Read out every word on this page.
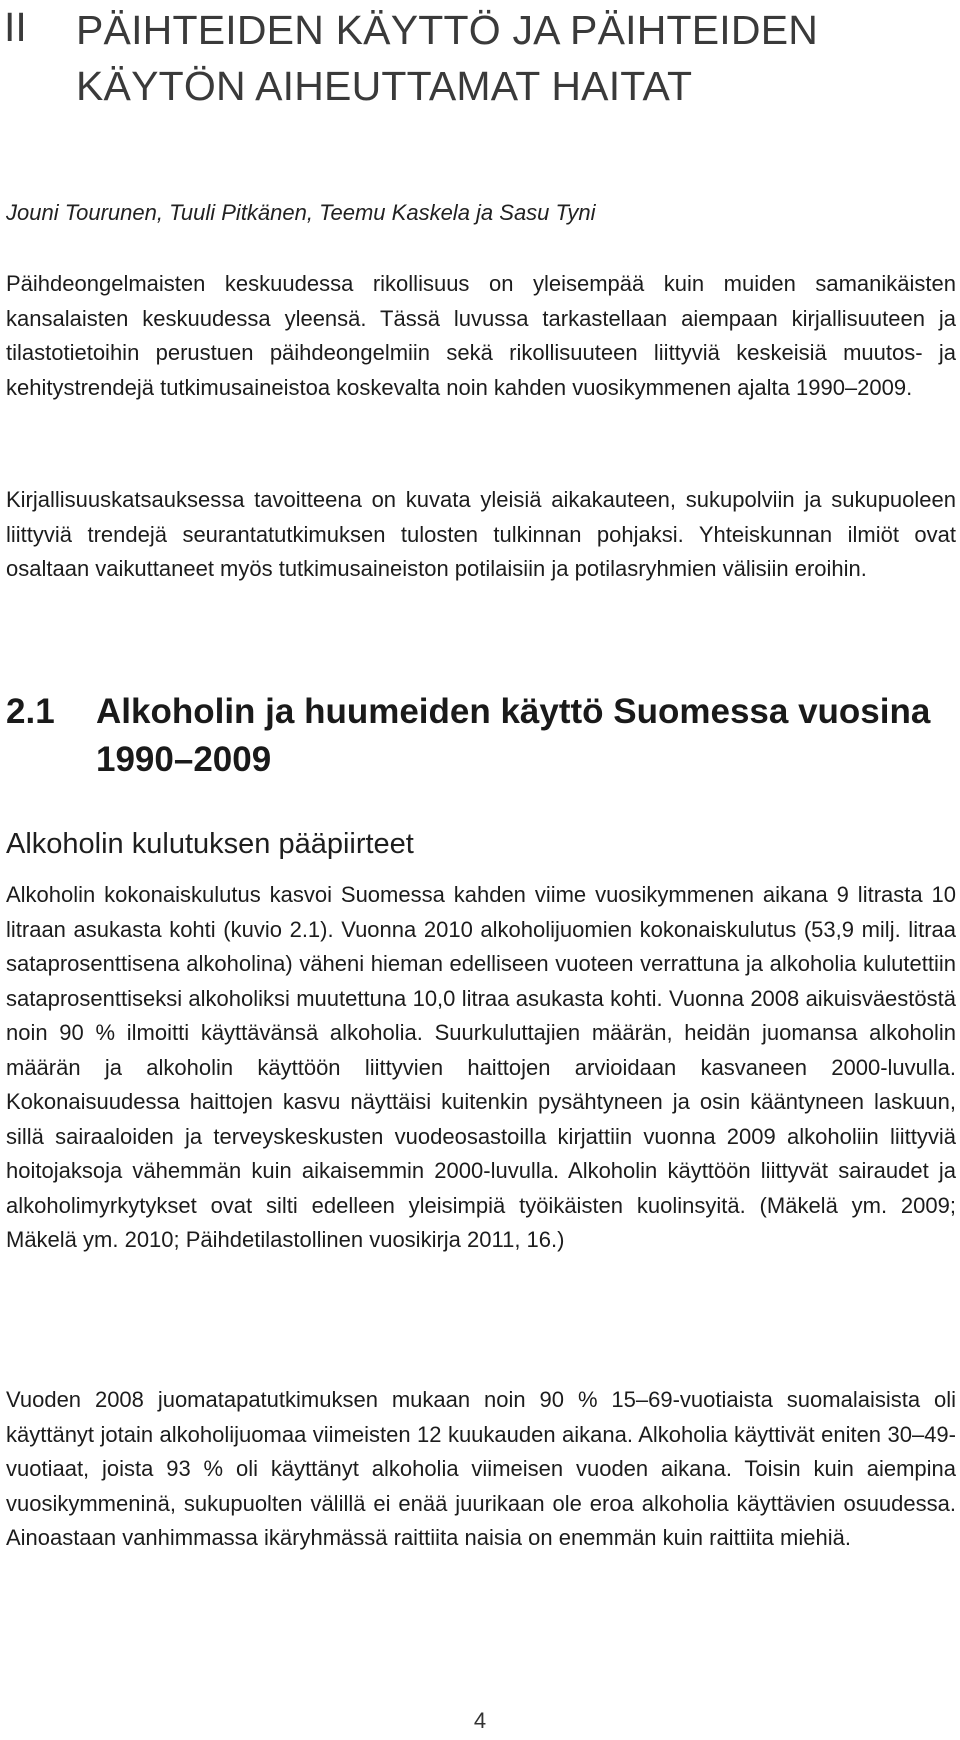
II PÄIHTEIDEN KÄYTTÖ JA PÄIHTEIDEN KÄYTÖN AIHEUTTAMAT HAITAT

Jouni Tourunen, Tuuli Pitkänen, Teemu Kaskela ja Sasu Tyni

Päihdeongelmaisten keskuudessa rikollisuus on yleisempää kuin muiden samanikäisten kansalaisten keskuudessa yleensä. Tässä luvussa tarkastellaan aiempaan kirjallisuuteen ja tilastotietoihin perustuen päihdeongelmiin sekä rikollisuuteen liittyviä keskeisiä muutos- ja kehitystrendejä tutkimusaineistoa koskevalta noin kahden vuosikymmenen ajalta 1990–2009.

Kirjallisuuskatsauksessa tavoitteena on kuvata yleisiä aikakauteen, sukupolviin ja sukupuoleen liittyviä trendejä seurantatutkimuksen tulosten tulkinnan pohjaksi. Yhteiskunnan ilmiöt ovat osaltaan vaikuttaneet myös tutkimusaineiston potilaisiin ja potilasryhmien välisiin eroihin.

2.1	Alkoholin ja huumeiden käyttö Suomessa vuosina 1990–2009
Alkoholin kulutuksen pääpiirteet

Alkoholin kokonaiskulutus kasvoi Suomessa kahden viime vuosikymmenen aikana 9 litrasta 10 litraan asukasta kohti (kuvio 2.1). Vuonna 2010 alkoholijuomien kokonaiskulutus (53,9 milj. litraa sataprosenttisena alkoholina) väheni hieman edelliseen vuoteen verrattuna ja alkoholia kulutettiin sataprosenttiseksi alkoholiksi muutettuna 10,0 litraa asukasta kohti. Vuonna 2008 aikuisväestöstä noin 90 % ilmoitti käyttävänsä alkoholia. Suurkuluttajien määrän, heidän juomansa alkoholin määrän ja alkoholin käyttöön liittyvien haittojen arvioidaan kasvaneen 2000-luvulla. Kokonaisuudessa haittojen kasvu näyttäisi kuitenkin pysähtyneen ja osin kääntyneen laskuun, sillä sairaaloiden ja terveyskeskusten vuodeosastoilla kirjattiin vuonna 2009 alkoholiin liittyviä hoitojaksoja vähemmän kuin aikaisemmin 2000-luvulla. Alkoholin käyttöön liittyvät sairaudet ja alkoholimyrkytykset ovat silti edelleen yleisimpiä työikäisten kuolinsyitä. (Mäkelä ym. 2009; Mäkelä ym. 2010; Päihdetilastollinen vuosikirja 2011, 16.)

Vuoden 2008 juomatapatutkimuksen mukaan noin 90 % 15–69-vuotiaista suomalaisista oli käyttänyt jotain alkoholijuomaa viimeisten 12 kuukauden aikana. Alkoholia käyttivät eniten 30–49-vuotiaat, joista 93 % oli käyttänyt alkoholia viimeisen vuoden aikana. Toisin kuin aiempina vuosikymmeninä, sukupuolten välillä ei enää juurikaan ole eroa alkoholia käyttävien osuudessa. Ainoastaan vanhimmassa ikäryhmässä raittiita naisia on enemmän kuin raittiita miehiä.

4
